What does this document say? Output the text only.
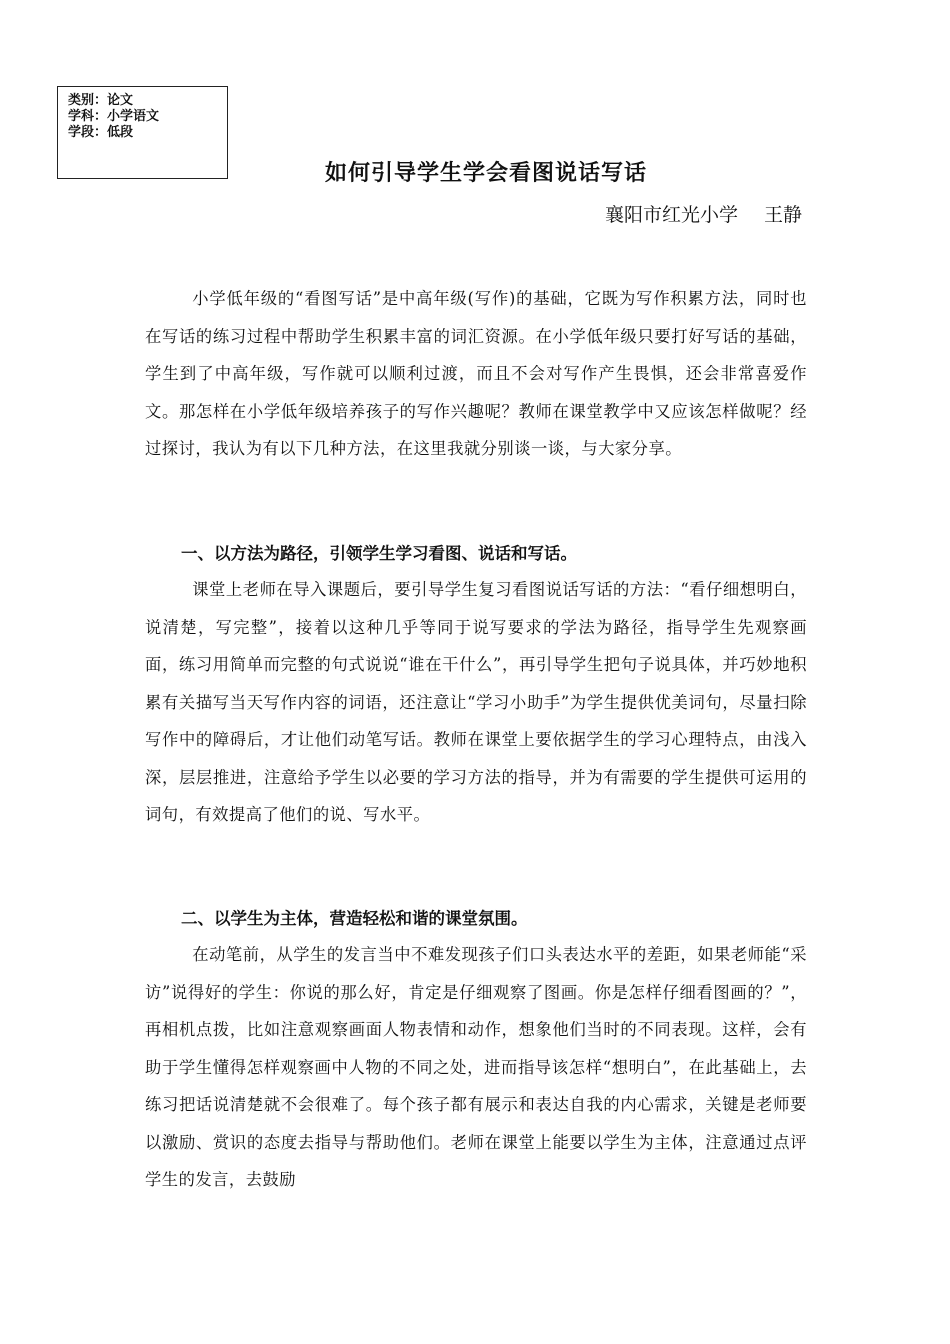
类别：论文

学科：小学语文

学段：低段

如何引导学生学会看图说话写话

襄阳市红光小学 王静

小学低年级的“看图写话”是中高年级(写作)的基础，它既为写作积累方法，同时也在写话的练习过程中帮助学生积累丰富的词汇资源。在小学低年级只要打好写话的基础，学生到了中高年级，写作就可以顺利过渡，而且不会对写作产生畏惧，还会非常喜爱作文。那怎样在小学低年级培养孩子的写作兴趣呢？教师在课堂教学中又应该怎样做呢？经过探讨，我认为有以下几种方法，在这里我就分别谈一谈，与大家分享。

一、以方法为路径，引领学生学习看图、说话和写话。

课堂上老师在导入课题后，要引导学生复习看图说话写话的方法：“看仔细想明白，说清楚，写完整”，接着以这种几乎等同于说写要求的学法为路径，指导学生先观察画面，练习用简单而完整的句式说说“谁在干什么”，再引导学生把句子说具体，并巧妙地积累有关描写当天写作内容的词语，还注意让“学习小助手”为学生提供优美词句，尽量扫除写作中的障碍后，才让他们动笔写话。教师在课堂上要依据学生的学习心理特点，由浅入深，层层推进，注意给予学生以必要的学习方法的指导，并为有需要的学生提供可运用的词句，有效提高了他们的说、写水平。

二、以学生为主体，营造轻松和谐的课堂氛围。

在动笔前，从学生的发言当中不难发现孩子们口头表达水平的差距，如果老师能“采访”说得好的学生：你说的那么好，肯定是仔细观察了图画。你是怎样仔细看图画的？”，再相机点拨，比如注意观察画面人物表情和动作，想象他们当时的不同表现。这样，会有助于学生懂得怎样观察画中人物的不同之处，进而指导该怎样“想明白”，在此基础上，去练习把话说清楚就不会很难了。每个孩子都有展示和表达自我的内心需求，关键是老师要以激励、赏识的态度去指导与帮助他们。老师在课堂上能要以学生为主体，注意通过点评学生的发言，去鼓励
